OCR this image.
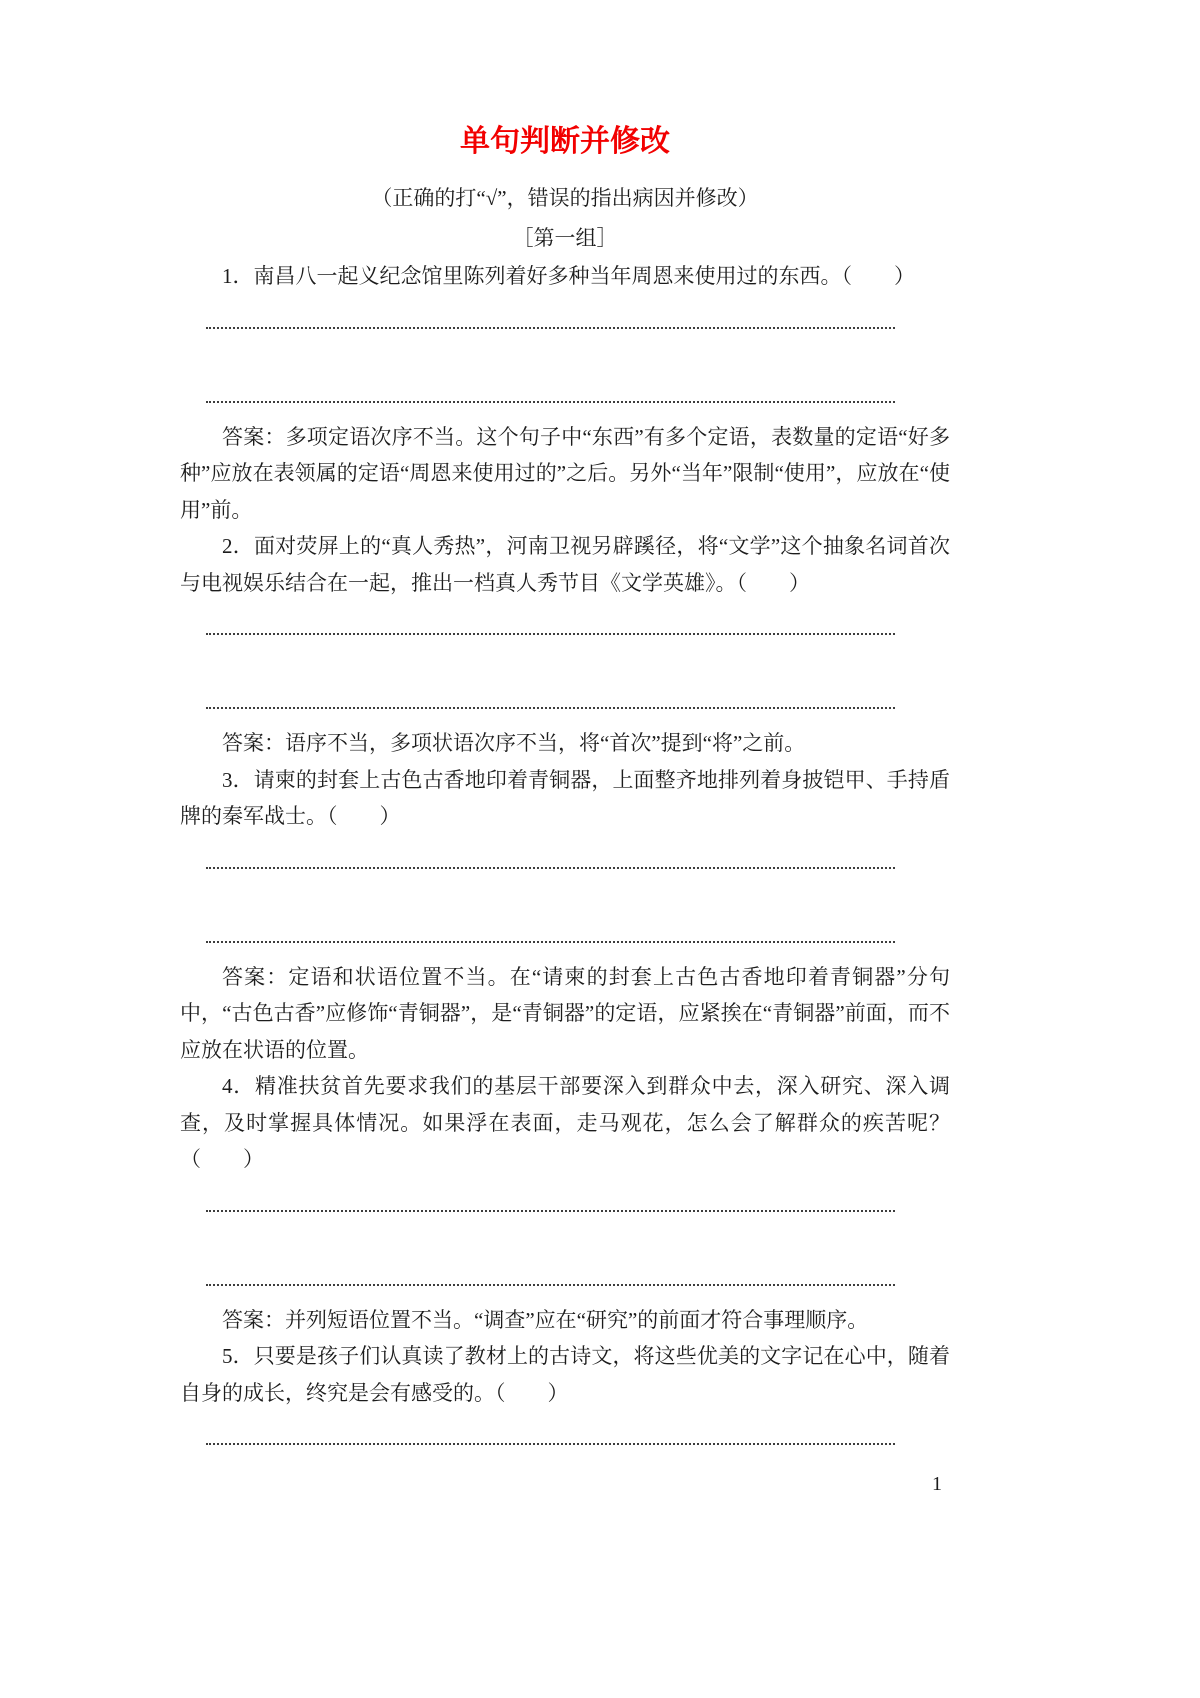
单句判断并修改

（正确的打“√”，错误的指出病因并修改）

［第一组］

1．南昌八一起义纪念馆里陈列着好多种当年周恩来使用过的东西。（　　）

答案：多项定语次序不当。这个句子中“东西”有多个定语，表数量的定语“好多种”应放在表领属的定语“周恩来使用过的”之后。另外“当年”限制“使用”，应放在“使用”前。

2．面对荧屏上的“真人秀热”，河南卫视另辟蹊径，将“文学”这个抽象名词首次与电视娱乐结合在一起，推出一档真人秀节目《文学英雄》。（　　）

答案：语序不当，多项状语次序不当，将“首次”提到“将”之前。

3．请柬的封套上古色古香地印着青铜器，上面整齐地排列着身披铠甲、手持盾牌的秦军战士。（　　）

答案：定语和状语位置不当。在“请柬的封套上古色古香地印着青铜器”分句中，“古色古香”应修饰“青铜器”，是“青铜器”的定语，应紧挨在“青铜器”前面，而不应放在状语的位置。

4．精准扶贫首先要求我们的基层干部要深入到群众中去，深入研究、深入调查，及时掌握具体情况。如果浮在表面，走马观花，怎么会了解群众的疾苦呢？（　　）

答案：并列短语位置不当。“调查”应在“研究”的前面才符合事理顺序。

5．只要是孩子们认真读了教材上的古诗文，将这些优美的文字记在心中，随着自身的成长，终究是会有感受的。（　　）

1
